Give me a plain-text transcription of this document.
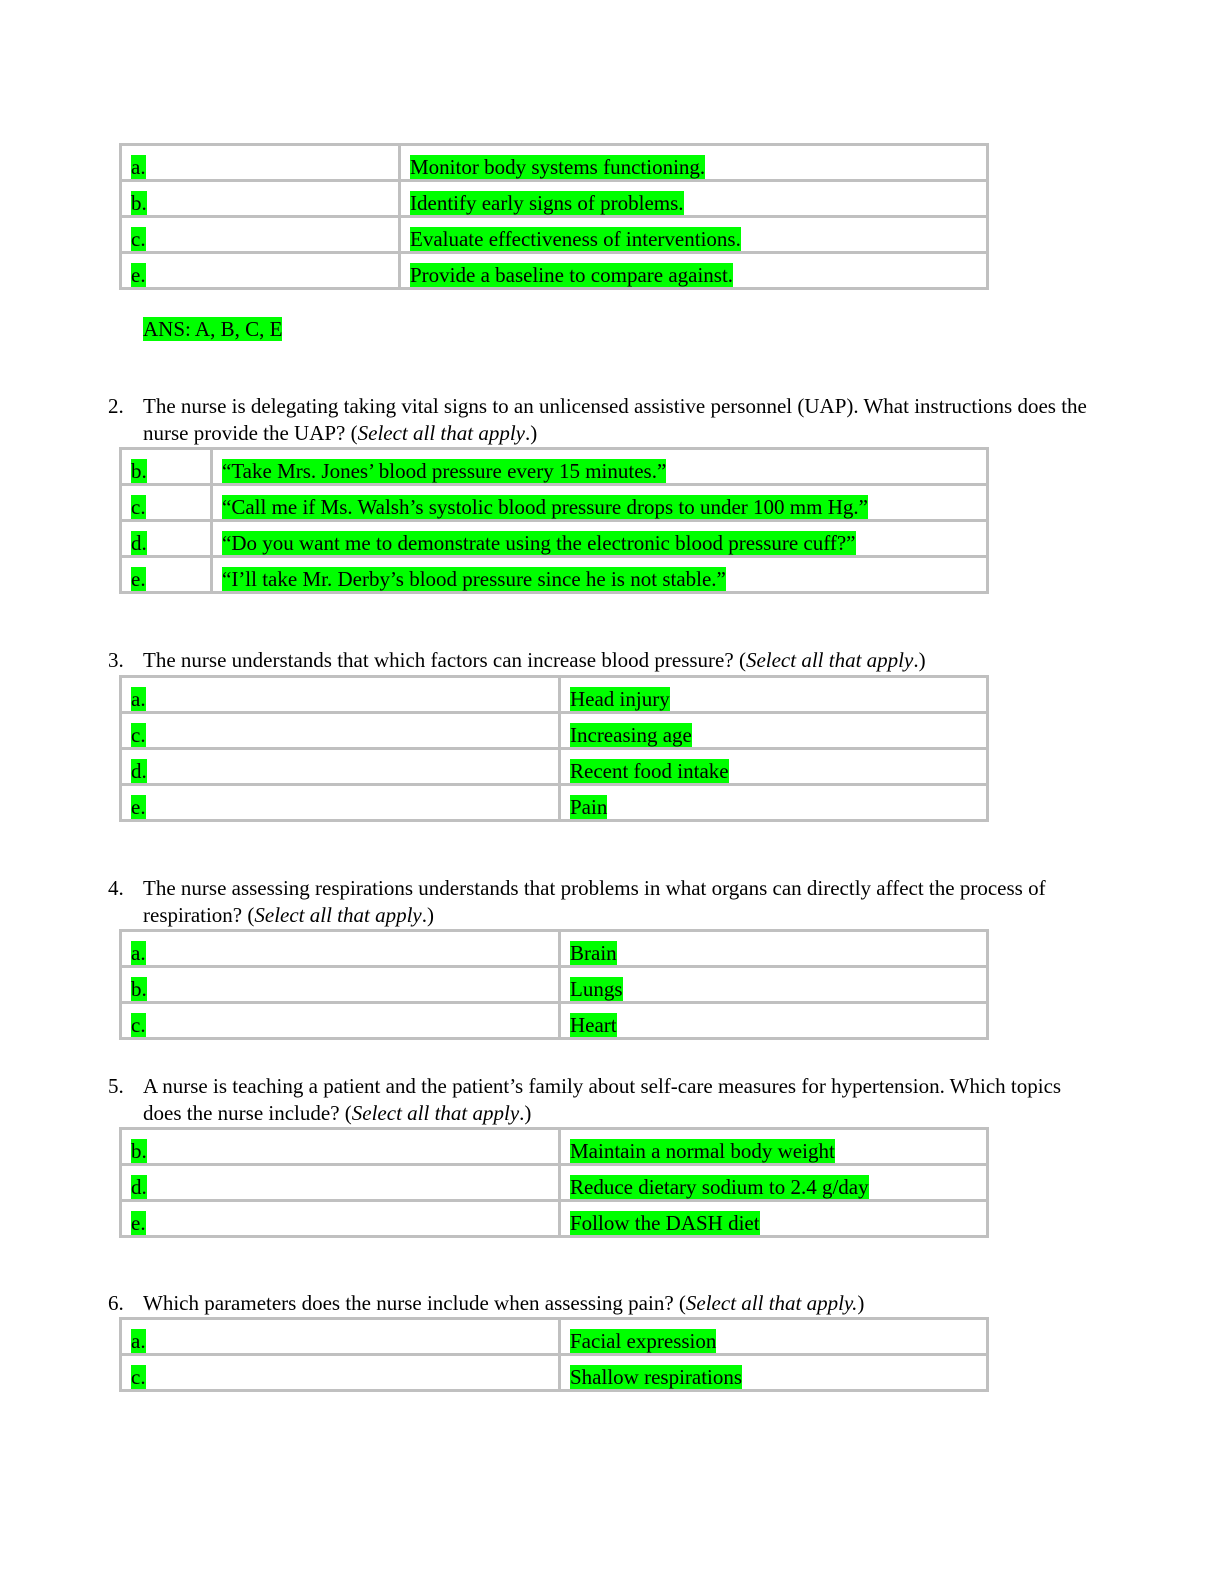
a.	Monitor body systems functioning.
b.	Identify early signs of problems.
c.	Evaluate effectiveness of interventions.
e.	Provide a baseline to compare against.
ANS: A, B, C, E
2. The nurse is delegating taking vital signs to an unlicensed assistive personnel (UAP). What instructions does the nurse provide the UAP? (Select all that apply.)
b.	“Take Mrs. Jones’ blood pressure every 15 minutes.”
c.	“Call me if Ms. Walsh’s systolic blood pressure drops to under 100 mm Hg.”
d.	“Do you want me to demonstrate using the electronic blood pressure cuff?”
e.	“I’ll take Mr. Derby’s blood pressure since he is not stable.”
3. The nurse understands that which factors can increase blood pressure? (Select all that apply.)
a.	Head injury
c.	Increasing age
d.	Recent food intake
e.	Pain
4. The nurse assessing respirations understands that problems in what organs can directly affect the process of respiration? (Select all that apply.)
a.	Brain
b.	Lungs
c.	Heart
5. A nurse is teaching a patient and the patient’s family about self-care measures for hypertension. Which topics does the nurse include? (Select all that apply.)
b.	Maintain a normal body weight
d.	Reduce dietary sodium to 2.4 g/day
e.	Follow the DASH diet
6. Which parameters does the nurse include when assessing pain? (Select all that apply.)
a.	Facial expression
c.	Shallow respirations
